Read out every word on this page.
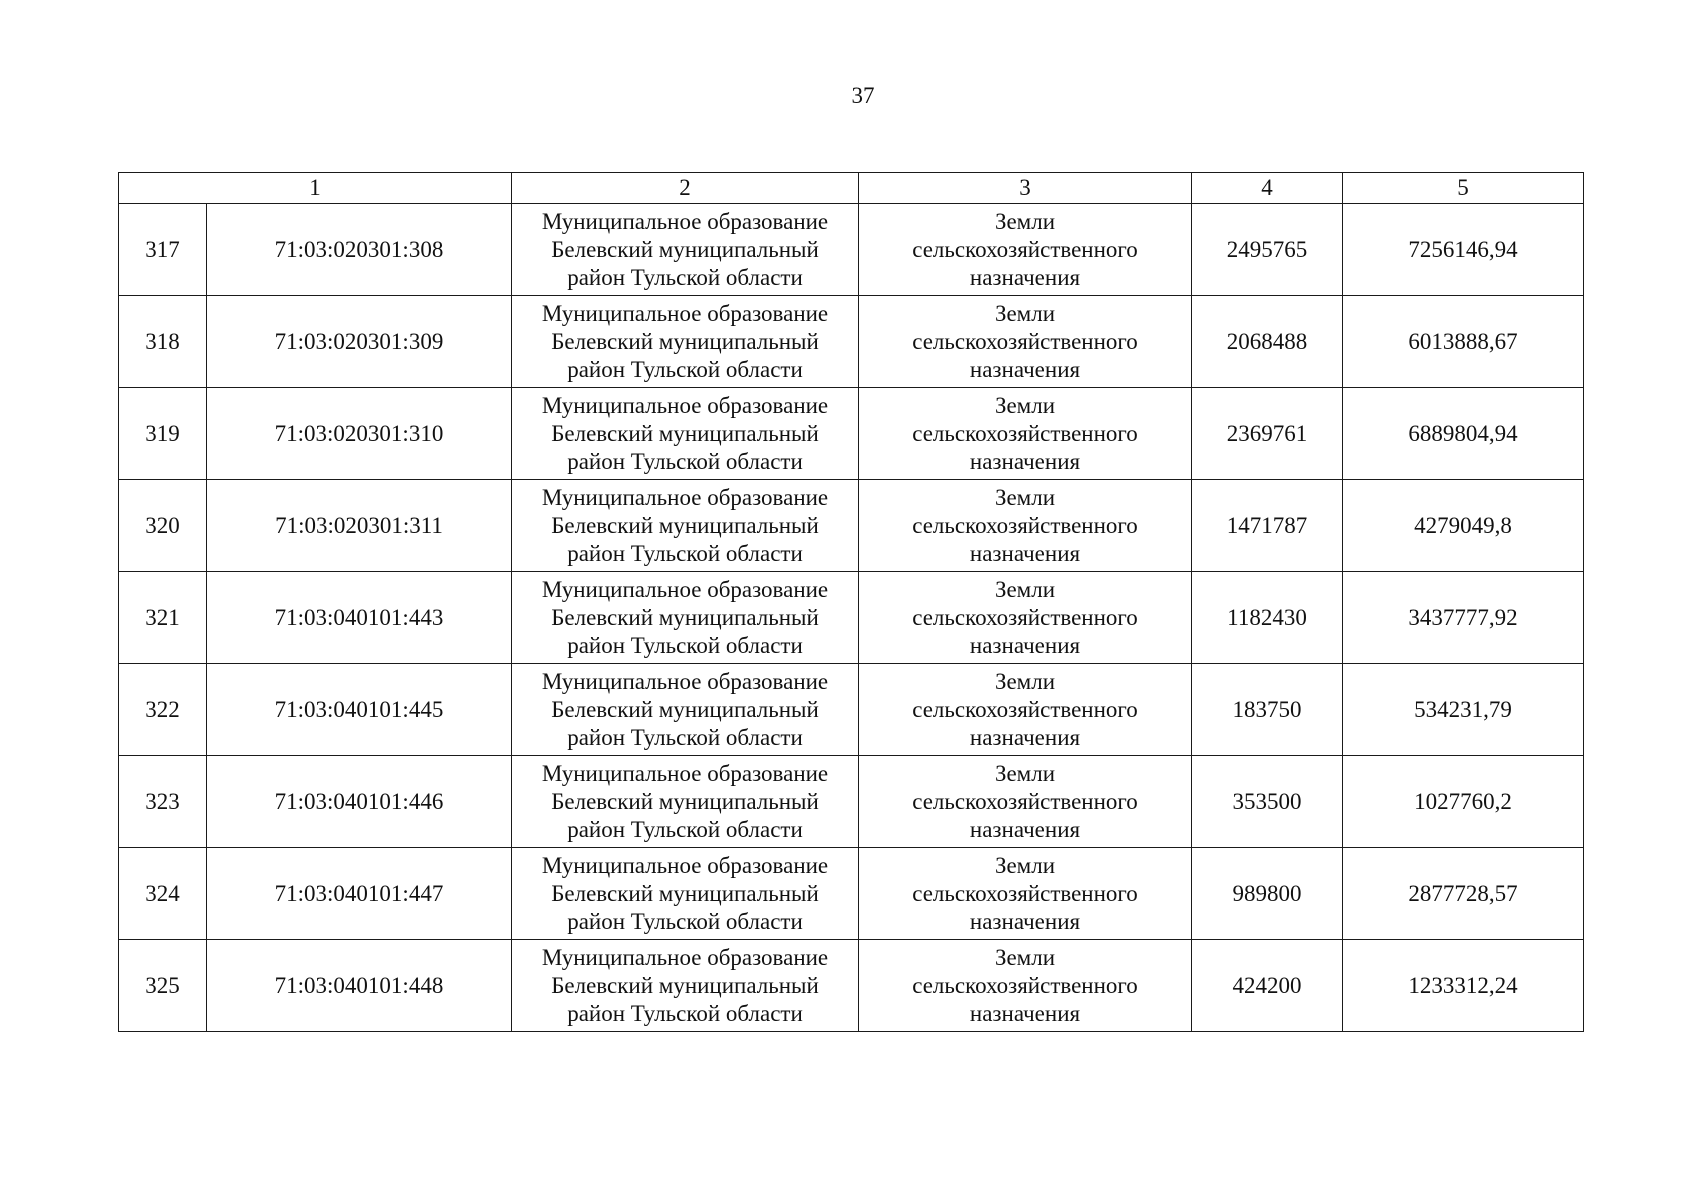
37
1		2	3	4	5
317	71:03:020301:308	Муниципальное образование
Белевский муниципальный
район Тульской области	Земли
сельскохозяйственного
назначения	2495765	7256146,94
318	71:03:020301:309	Муниципальное образование
Белевский муниципальный
район Тульской области	Земли
сельскохозяйственного
назначения	2068488	6013888,67
319	71:03:020301:310	Муниципальное образование
Белевский муниципальный
район Тульской области	Земли
сельскохозяйственного
назначения	2369761	6889804,94
320	71:03:020301:311	Муниципальное образование
Белевский муниципальный
район Тульской области	Земли
сельскохозяйственного
назначения	1471787	4279049,8
321	71:03:040101:443	Муниципальное образование
Белевский муниципальный
район Тульской области	Земли
сельскохозяйственного
назначения	1182430	3437777,92
322	71:03:040101:445	Муниципальное образование
Белевский муниципальный
район Тульской области	Земли
сельскохозяйственного
назначения	183750	534231,79
323	71:03:040101:446	Муниципальное образование
Белевский муниципальный
район Тульской области	Земли
сельскохозяйственного
назначения	353500	1027760,2
324	71:03:040101:447	Муниципальное образование
Белевский муниципальный
район Тульской области	Земли
сельскохозяйственного
назначения	989800	2877728,57
325	71:03:040101:448	Муниципальное образование
Белевский муниципальный
район Тульской области	Земли
сельскохозяйственного
назначения	424200	1233312,24
